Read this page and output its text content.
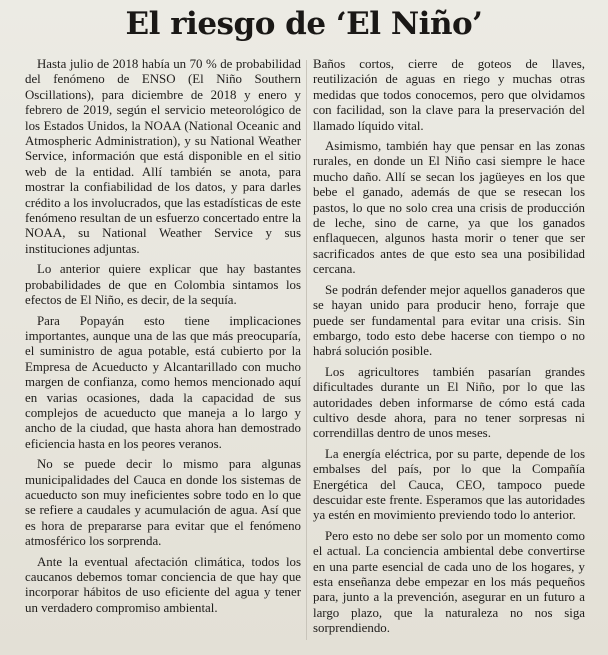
El riesgo de ‘El Niño’

Hasta julio de 2018 había un 70 % de probabilidad del fenómeno de ENSO (El Niño Southern Oscillations), para diciembre de 2018 y enero y febrero de 2019, según el servicio meteorológico de los Estados Unidos, la NOAA (National Oceanic and Atmospheric Administration), y su National Weather Service, información que está disponible en el sitio web de la entidad. Allí también se anota, para mostrar la confiabilidad de los datos, y para darles crédito a los involucrados, que las estadísticas de este fenómeno resultan de un esfuerzo concertado entre la NOAA, su National Weather Service y sus instituciones adjuntas.

Lo anterior quiere explicar que hay bastantes probabilidades de que en Colombia sintamos los efectos de El Niño, es decir, de la sequía.

Para Popayán esto tiene implicaciones importantes, aunque una de las que más preocuparía, el suministro de agua potable, está cubierto por la Empresa de Acueducto y Alcantarillado con mucho margen de confianza, como hemos mencionado aquí en varias ocasiones, dada la capacidad de sus complejos de acueducto que maneja a lo largo y ancho de la ciudad, que hasta ahora han demostrado eficiencia hasta en los peores veranos.

No se puede decir lo mismo para algunas municipalidades del Cauca en donde los sistemas de acueducto son muy ineficientes sobre todo en lo que se refiere a caudales y acumulación de agua. Así que es hora de prepararse para evitar que el fenómeno atmosférico los sorprenda.

Ante la eventual afectación climática, todos los caucanos debemos tomar conciencia de que hay que incorporar hábitos de uso eficiente del agua y tener un verdadero compromiso ambiental.

Baños cortos, cierre de goteos de llaves, reutilización de aguas en riego y muchas otras medidas que todos conocemos, pero que olvidamos con facilidad, son la clave para la preservación del llamado líquido vital.

Asimismo, también hay que pensar en las zonas rurales, en donde un El Niño casi siempre le hace mucho daño. Allí se secan los jagüeyes en los que bebe el ganado, además de que se resecan los pastos, lo que no solo crea una crisis de producción de leche, sino de carne, ya que los ganados enflaquecen, algunos hasta morir o tener que ser sacrificados antes de que esto sea una posibilidad cercana.

Se podrán defender mejor aquellos ganaderos que se hayan unido para producir heno, forraje que puede ser fundamental para evitar una crisis. Sin embargo, todo esto debe hacerse con tiempo o no habrá solución posible.

Los agricultores también pasarían grandes dificultades durante un El Niño, por lo que las autoridades deben informarse de cómo está cada cultivo desde ahora, para no tener sorpresas ni correndillas dentro de unos meses.

La energía eléctrica, por su parte, depende de los embalses del país, por lo que la Compañía Energética del Cauca, CEO, tampoco puede descuidar este frente. Esperamos que las autoridades ya estén en movimiento previendo todo lo anterior.

Pero esto no debe ser solo por un momento como el actual. La conciencia ambiental debe convertirse en una parte esencial de cada uno de los hogares, y esta enseñanza debe empezar en los más pequeños para, junto a la prevención, asegurar en un futuro a largo plazo, que la naturaleza no nos siga sorprendiendo.
